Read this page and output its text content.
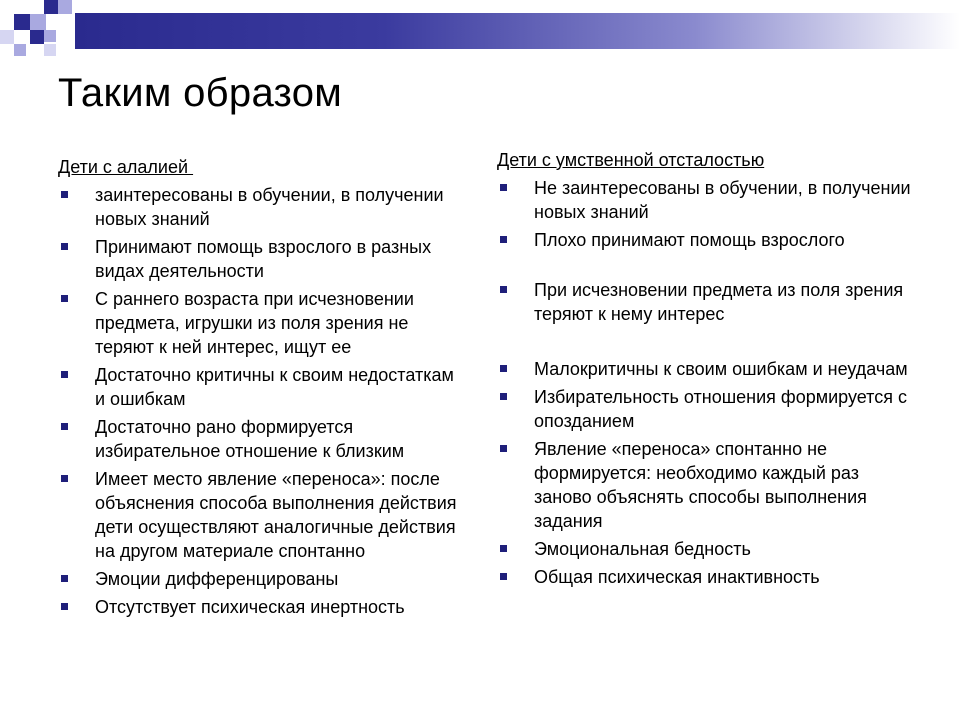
Таким образом
Дети с алалией
заинтересованы в обучении, в получении новых знаний
Принимают помощь взрослого в разных видах деятельности
С раннего возраста при исчезновении предмета, игрушки из поля зрения не теряют к ней интерес, ищут ее
Достаточно критичны к своим недостаткам и ошибкам
Достаточно рано формируется избирательное отношение к близким
Имеет место явление «переноса»: после объяснения способа выполнения действия дети осуществляют аналогичные действия на другом материале спонтанно
Эмоции дифференцированы
Отсутствует психическая инертность
Дети с умственной отсталостью
Не заинтересованы в обучении, в получении новых знаний
Плохо принимают помощь взрослого
При исчезновении предмета из поля зрения теряют к нему интерес
Малокритичны к своим ошибкам и неудачам
Избирательность отношения формируется с опозданием
Явление «переноса» спонтанно не формируется: необходимо каждый раз заново объяснять способы выполнения задания
Эмоциональная бедность
Общая психическая инактивность
